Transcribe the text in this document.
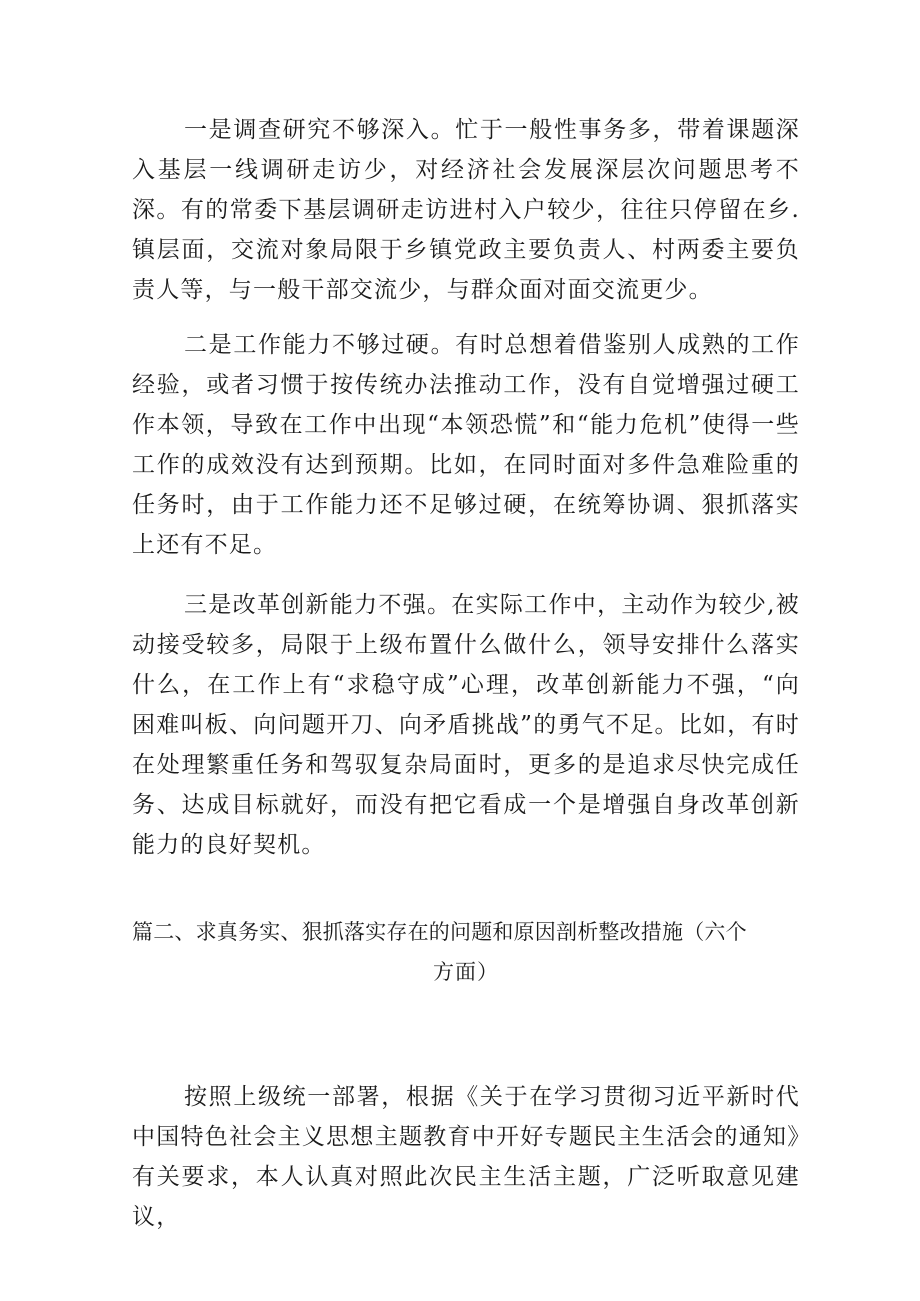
一是调查研究不够深入。忙于一般性事务多，带着课题深入基层一线调研走访少，对经济社会发展深层次问题思考不深。有的常委下基层调研走访进村入户较少，往往只停留在乡.镇层面，交流对象局限于乡镇党政主要负责人、村两委主要负责人等，与一般干部交流少，与群众面对面交流更少。

二是工作能力不够过硬。有时总想着借鉴别人成熟的工作经验，或者习惯于按传统办法推动工作，没有自觉增强过硬工作本领，导致在工作中出现“本领恐慌”和“能力危机”使得一些工作的成效没有达到预期。比如，在同时面对多件急难险重的任务时，由于工作能力还不足够过硬，在统筹协调、狠抓落实上还有不足。

三是改革创新能力不强。在实际工作中，主动作为较少,被动接受较多，局限于上级布置什么做什么，领导安排什么落实什么，在工作上有“求稳守成”心理，改革创新能力不强，“向困难叫板、向问题开刀、向矛盾挑战”的勇气不足。比如，有时在处理繁重任务和驾驭复杂局面时，更多的是追求尽快完成任务、达成目标就好，而没有把它看成一个是增强自身改革创新能力的良好契机。

篇二、求真务实、狠抓落实存在的问题和原因剖析整改措施（六个
方面）

按照上级统一部署，根据《关于在学习贯彻习近平新时代中国特色社会主义思想主题教育中开好专题民主生活会的通知》有关要求，本人认真对照此次民主生活主题，广泛听取意见建议，
